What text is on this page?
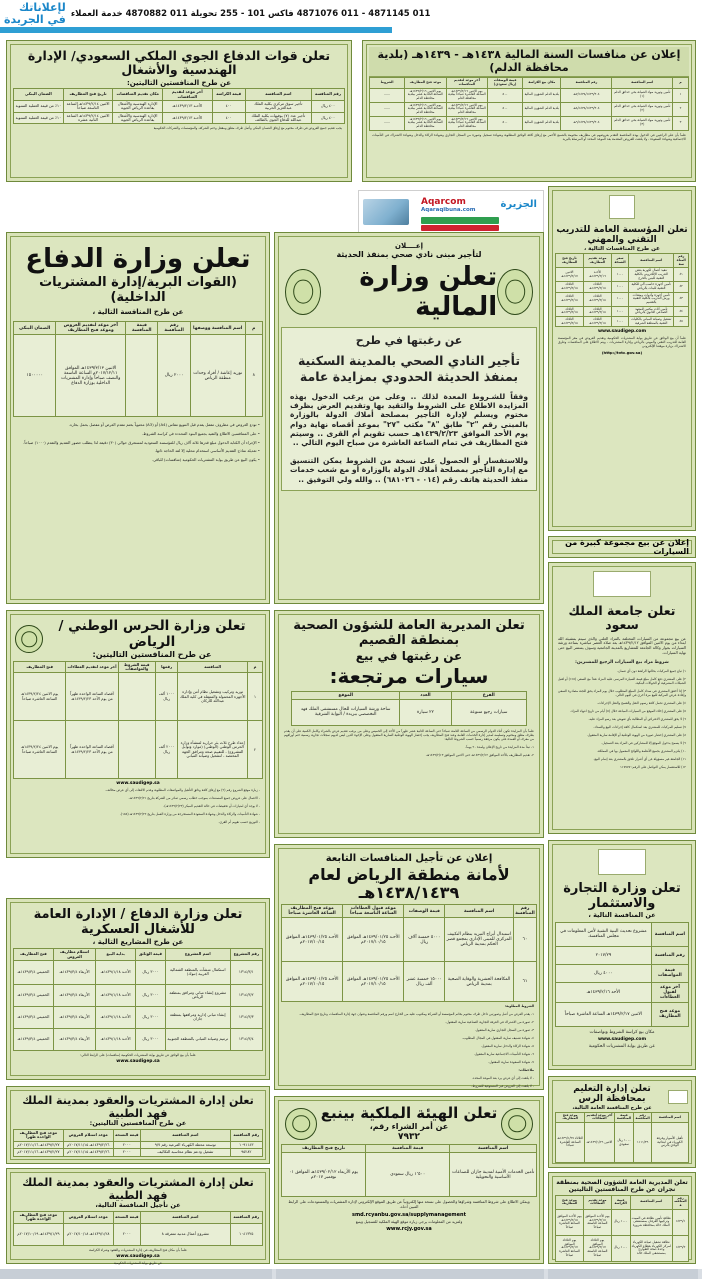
لإعلاناتك
في الجريدة 011 4871145 - 011 4871076 فاكس 101 - 255 تحويلة 011 4870882 خدمة العملاء
تعلن قوات الدفاع الجوي الملكي السعودي/ الإدارة الهندسية والأشغال
عن طرح المنافستين التاليتين:
رقم المنافسة	اسم المنافسة	قيمة الكراسة	آخر موعد لتقديم المناقصات	مكان تقديم المناقصات	تاريخ فتح المظاريف	الضمان البنكي
٤٠٠ ريال	تأجير سوق مركزي بكلية الملك عبدالعزيز الحربية	٤٠٠	الأحـد ١٤٣٩/٢/١٣هـ	الإدارة الهندسية والأشغال بقاعدة الرياض الجوية	الاثنين ١٤٣٩/٢/١٤هـ الساعة التاسعة صباحاً	١٠٪ من قيمة العملية السنوية
٤٠٠ ريال	تأجير عدد (٧) بوفيهات بكلية الملك عبدالله للدفاع الجوي بالطائف	٤٠٠	الأحـد ١٤٣٩/٢/١٣هـ	الإدارة الهندسية والأشغال بقاعدة الرياض الجوية	الاثنين ١٤٣٩/٢/١٤هـ الساعة الثانية عشرة	١٠٪ من قيمة العملية السنوية
يجب تقديم جميع العروض في ظرف مختوم مع إرفاق الضمان البنكي وأصل ظرف مغلق ومقفل وختم الشركة، والمؤسسات والشركات الحكومية
إعلان عن منافسات السنة المالية ١٤٣٨هـ - ١٤٣٩هـ (بلدية محافظة الدلم)
م	اسم المنافسة	رقم المنافسة	مكان بيع الكراسة	قيمة الوصفات (ريال سعودي)	آخر موعد لتقديم المناقصات	موعد فتح المظاريف	الشروط
١	تأمين وتوريد مواد الصيانة بحي حدائق الدلم (١)	٧/١٤٣٨/١٤٣٩/٣٠٤هـ	بلدية الدلم الشؤون المالية	٥٠٠	يوم الاثنين ١٤٣٩/٢/١٦هـ الساعة العاشرة صباحاً ببلدية محافظة الدلم	يوم الاثنين ١٤٣٩/٢/١٦هـ الساعة الحادية عشر ببلدية محافظة الدلم	......
٢	تأمين وتوريد مواد الصيانة بحي حدائق الدلم (٢)	٨/١٤٣٨/١٤٣٩/٣٠٤هـ	بلدية الدلم الشؤون المالية	٥٠٠	يوم الاثنين ١٤٣٩/٢/١٦هـ الساعة العاشرة صباحاً ببلدية محافظة الدلم	يوم الاثنين ١٤٣٩/٢/١٦هـ الساعة الحادية عشر ببلدية محافظة الدلم	......
٣	تأمين وتوريد مواد الصيانة بحي حدائق الدلم (٣)	٩/١٤٣٨/١٤٣٩/٣٠٤هـ	بلدية الدلم الشؤون المالية	٥٠٠	يوم الاثنين ١٤٣٩/٢/١٦هـ الساعة العاشرة صباحاً ببلدية محافظة الدلم	يوم الاثنين ١٤٣٩/٢/١٦هـ الساعة الحادية عشر ببلدية محافظة الدلم	......
علماً بأن على الراغبين في الدخول بهذه المنافسة التقدم بعروضهم في مظاريف مختومة بالشمع الأحمر مع إرفاق كافة الوثائق المطلوبة وشهادة تسجيل وصورة من السجل التجاري وشهادة الزكاة والدخل وشهادة الاشتراك في التأمينات الاجتماعية وشهادة السعودة ، ولا يلتفت للعروض المقدمة بعد الموعد المحدد أو المرسلة بالبريد
Aqarcom
Aqaraqibuna.com	الجزيرة
تعلن المؤسسة العامة للتدريب التقني والمهني
عن طرح المنافسات التالية ،
رقم المنافسة	اسم المنافسة	سعر النسخة	موعد تقديم المظاريف	تاريخ فتح المظاريف
٤١	تنفيذ أعمال لكهربة بعض التدريب الإلكتروني بالكلية التقنية للبنين بالخرج	١٠٠٠	الأحـد ١٤٣٩/٢/١٦هـ	الاثنين ١٤٣٩/٢/١٧هـ
٤٢	تأمين أجهزة حاسب آلي للكلية التقنية للبنات بالرياض	١٠٠٠	الثلاثاء ١٤٣٩/٢/١٨هـ	الثلاثاء ١٤٣٩/٢/١٨هـ
٤٣	تأمين أجهزة وأدوات ومعدات ورش التدريب بالكلية التقنية بالقصيم	١٠٠٠	الثلاثاء ١٤٣٩/٢/١٨هـ	الثلاثاء ١٤٣٩/٢/١٨هـ
٤٤	تأمين أثاث مكتبي للمعهد الصناعي الثانوي بالرياض	١٠٠٠	الثلاثاء ١٤٣٩/٢/١٨هـ	الثلاثاء ١٤٣٩/٢/١٨هـ
٤٥	تشغيل وصيانة المباني بالكليات التقنية بالمنطقة الشرقية	١٠٠٠	الثلاثاء ١٤٣٩/٢/١٨هـ	الثلاثاء ١٤٣٩/٢/١٨هـ
www.saudigep.com
علماً أن بيع الوثائق عن طريق بوابة المشتريات الحكومية وتقديم العروض في مقر المؤسسة العامة للتدريب التقني والمهني بالرياض وإدارة المشتريات ، ويتم الاطلاع على المنافسات وطرق الاشتراك بزيارة موقعنا الإلكتروني
(http://tvtc.gov.sa)
تعلن وزارة الدفاع
(القوات البرية/إدارة المشتريات الداخلية)
عن طرح المنافسة التالية ،
م	اسم المنافسة ووصفها	رقم المنافسة	قيمة المنافسة	آخر موعد لتقديم العروض وموعد فتح المظاريف	الضمان البنكي
٨	توريد إعاشة / أفراد وحدات منطقة الرياض	٢٠٠٠ ريال		الاثنين ١٤٣٩/٣/١٣هـ الموافق ٢٠١٧/١٢/١١م الساعة التاسعة والنصف صباحاً وإدارة المشتريات الداخلية بوزارة الدفاع	١٥٠٠٠٠٠
• تودع العروض في مظروف مقفل يقدم قبل التنويع مقاس (A4) أو (A3) محتوياً بختم مقدم العرض أو مفصل بحمل بخاره.
• على المتنافسين الاطلاع والتقيد بجميع البنود المحددة في كراسة الشروط.
• الإجراء أن الكتابة الدخول مبلغ قدرها ثلاثة آلاف ريال للمؤسسة السعودية لمستغرق حوالي (٣٠) دقيقة لذا يتطلب حضور التقديم والتقدم (١٠٠٠) صباحاً.
• تعديلة نماذج التقديم الأساسي استخدام محلية إلا لقد الحاجة ذاتها.
• يكون البيع عن طريق بوابة المشتريات الحكومية (منافسات) للباقي.
إعــــلان
لتأجير مبنى نادي صحي بمنفذ الحديثة
تعلن وزارة المالية
عن رغبتها في طرح
تأجير النادي الصحي بالمدينة السكنية بمنفذ الحديثة الحدودي بمزايدة عامة
وفقاً للشـروط المعدة لذلك .. وعلى من يرغب الدخول بهذه المزايدة الاطلاع على الشروط والتقيد بها وتقديم العرض بظرف مختوم ويسلم لإدارة التأجير بمصلحة أملاك الدولة بالوزارة بالمبنى رقم "٢" طابق "٨" مكتب "٢٧" بموعد أقصاه نهاية دوام يوم الأحد الموافق ١٤٣٩/٢/٢٣هـ حسب تقويم أم القرى .. وسيتم فتح المظاريف في تمام الساعة العاشرة من صباح اليوم التالي ..
وللاستفسار أو الحصول على نسخة من الشروط يمكن التنسيق مع إدارة التأجير بمصلحة أملاك الدولة بالوزارة أو مع شعب خدمات منفذ الحديثة هاتف رقم (٠١٤ - ٦٨١٠٢٦) .. والله ولي التوفيق ..
إعلان عن بيع مجموعة كبيرة من السيارات
تعلن جامعة الملك سعود
عن بيع مجموعة من السيارات المختلفة بالمزاد العلني والذي سيتم بمشيئة الله ابتداء من يوم الاثنين الموافق ١٤٣٩/٢/١٢هـ بعد صلاة العصر مباشرة بساحة ورشة السيارات بجوار وكالة الجامعة للمشاريع بالمدينة الجامعية وسوف يستمر البيع حتى نهاية السيارات.
شروط مزاد بيع السيارات الرجيع للمشترين:
١) تباع جميع المركبات بحالتها الراهنة دون أي ضمان.
٢) على المشتري دفع كامل مبلغ قيمة السيارة المرسى عليه المزاد نقداً مع السعي (١٥٪) أو لقبل الشبكات المصرفية أو الحوالات البنكية.
٣) إذا أخفق المشتري في سداد كامل المبلغ المطلوب خلال يوم المزاد يحق للجنة مصادرة السعي وإعادة عرض المركبة للبيع مرة أخرى في اليوم التالي.
٤) على المشتري تحمل كافة رسوم النقل والفسح والنقل الإجراءات.
٥) على المشتري إخلاء الموقع من السيارات المباعة خلال (٥) أيام من تاريخ انتهاء المزاد.
٦) لا يحق للمشتري الاعتراض أو المطالبة بأي تعويض بعد رسو المزاد عليه.
٧) تسليم المركبات للمشتري بعد استكمال كافة إجراءات البيع والسداد.
٨) على المشتري إحضار صورة من الهوية الوطنية أو الإقامة سارية المفعول.
٩) لا يسمح بدخول الموقع إلا للمشاركين في المزاد بعد التسجيل.
١٠) يلتزم المشتري بجميع الأنظمة واللوائح المعمول بها في المملكة.
١١) الجامعة غير مسؤولة عن أي أضرار تلحق بالمشتري بعد إتمام البيع.
١٢) للاستفسار يمكن التواصل على الرقم: ١١٧٧٧٧
تعلن وزارة الحرس الوطني / الرياض
عن طرح المنافستين التاليتين:
م	المنافسة	رقمها	قيمة الشروط والمواصفات	آخر موعد لتقديم العطاءات	فتح المظاريف
١	توريد وتركيب وتشغيل نظام أمن وإدارة الأجهزة المحمولة والمتنقلة في كلية الملك عبدالله للأركان	١٠٠٠ ألف ريال		أقصاه الساعة الواحدة ظهراً من يوم الأحد ١٤٣٩/٢/٢٣هـ	يوم الاثنين ١٤٣٩/٢/٢٤هـ الساعة العاشرة صباحاً
٢	إعداد طرح ثلاث بئر حرارية لمنشأة وزارة الحرس الوطني (الوطني) (موارد وتوابل المشروع) - للتقييم صحة ومرافق الجهة المختصة - لتشغيل وصيانة المباني	٢٠٠٠ ألف ريال		أقصاه الساعة الواحدة ظهراً من يوم الأحد ١٤٣٩/٢/٢٣هـ	يوم الاثنين ١٤٣٩/٢/٢٤هـ الساعة العاشرة صباحاً
www.saudigep.sa
- زيارة موقع الشروع رقم (٢) مع إرفاق كافة وثائق التأهيل والمواصفات المطلوبة وعدم الالتفات إلى أي عرض مخالف.
- الاعمال على عروض جميع المستندات بموجب خطاب رسمي صادر من الشركة بتاريخ ١٤٣٩/٢/٢١هـ.
- لا يوجد أي امتيازات أو تخفيضات في حالة التقديم المبكر (١٤٣٩/٢/٢٣هـ).
- شهادة التأمينات والزكاة والدخل وشهادة السعودة المستخرجة من وزارة العمل بتاريخ ١٤٣٩/٢/٢٢هـ (١٥٥).
- التوزيع حسب تقويم أم القرى.
تعلن المديرية العامة للشؤون الصحية بمنطقة القصيم
عن رغبتها في بيع
سيارات مرتجعة:
الفرع	العدد	الموقع
سيارات رجيع متنوعة	٢٢ سيارة	ساحة ورشة السيارات للحال مستشفى الملك فهد التخصصي ببريدة / البوابة الشرقية
علماً بأن المزايدة تكون أثناء الدوام الرسمي من الساعة الثامنة صباحاً حتى الساعة الثانية عشر ظهراً من الأحد إلى الخميس وعلى من يرغب تقديم عرض بالشراء وكامل الكمية على أن يقدم بظرف مغلق ومختوم وتسليمه لمدير إدارة الخدمات العامة وعند فتح المظاريف يجب إحضار الهوية الوطنية السارية المفعول وعلى الإخوة الذين ليس لديهم سجلات تجارية رسمية ختم أوراقهم من معرف أو العمدة على يكون مرفقة رسمياً حسب الشروط التالية:
١- تبدأ مدة المزايدة من تاريخ الإعلان ولمدة ٢٠ يوماً.
٢- تقديم المظاريف بالأحد الموافق ١٤٣٩/٢/١٢هـ حتى الاثنين الموافق ١٤٣٩/٢/١٣هـ.
تعلن وزارة التجارة والاستثمار
عن المنافسة التالية ،
اسم المنافسة	مشروع تحديث البنية التقنية لأمن المعلومات في مجلس المنافسة.
رقم المنافسة	٢٠١٧/٢٩
قيمة المواصفات	٤٠٠٠ ريال
آخر موعد لقبول العطاءات	الأحد ١٤٣٩/٢/١٦هـ
موعد فتح المظاريف	الاثنين ١٤٣٩/٢/١٧هـ الساعة العاشرة صباحاً
مكان بيع كراسة الشروط وتواصفات
www.saudigep.com
عن طريق بوابة المشتريات الحكومية
إعلان عن تأجيل المنافسات التابعة
لأمانة منطقة الرياض لعام ١٤٣٨/١٤٣٩هـ
رقم المنافسة	اسم المنافسة	قيمة الوصفات	موعد قبول العطاءات الساعة التاسعة صباحاً	موعد فتح المظاريف الساعة العاشرة صباحاً
٦٠	استبدال أبراج التبريد بنظام التكييف المركزي للمبنى الإداري بمجمع قصر الحكم بمدينة الرياض	٥٠٠٠ خمسة آلاف ريال	الأحـد ١٤٣٩/٠١/٢٥هـ الموافق ٢٠١٧/١٠/١٥م	الأحـد ١٤٣٩/٠١/٢٥هـ الموافق ٢٠١٧/١٠/١٥م
٦١	المكافحة الحشرية والوقاية الصحية بمدينة الرياض	١٥٠٠٠ خمسة عشر ألف ريال	الأحـد ١٤٣٩/٠١/٢٥هـ الموافق ٢٠١٧/١٠/١٥م	الأحـد ١٤٣٩/٠١/٢٥هـ الموافق ٢٠١٧/١٠/١٥م
الشروط المطلوبة:
١- يقدم العرض من أصل وصورتين داخل ظرف مختوم بخاتم المؤسسة أو الشركة ومكتوب عليه من الخارج اسم ورقم المنافسة وعنوان جهة إدارة المنافسات وتاريخ فتح المظاريف.
٢- صورة من الاشتراك في الغرفة التجارية الصناعية سارية المفعول.
٣- صورة من السجل التجاري سارية المفعول.
٤- شهادة تصنيف سارية المفعول في المجال المطلوب.
٥- شهادة الزكاة والدخل سارية المفعول.
٦- شهادة التأمينات الاجتماعية سارية المفعول.
٧- شهادة السعودة سارية المفعول.
ملاحظات:
- لا يلتفت إلى أي عرض يرد بعد الموعد المحدد.
- لا يلتفت إلى العروض غير المستوفية للشروط.
تعلن وزارة الدفاع / الإدارة العامة للأشغال العسكرية
عن طرح المشاريع التالية ،
رقم المشروع	اسم المشروع	قيمة الوثائق	بداية البيع	استلام مظاريف العروض	فتح المظاريف
١٣١٤/٣/١	استكمال منشآت بالمنطقة الشمالية الغربية (تبوك)	٣٠٠٠ ريال	الأحـد ١٤٣٩/١/١٨هـ	الأربعاء ١٤٣٩/٣/٤هـ	الخميس ١٤٣٩/٣/٤هـ
١٣١٤/٣/٢	مشروع إنشاء مباني ومرافق بمنطقة الرياض	٣٠٠٠ ريال	الأحـد ١٤٣٩/١/١٨هـ	الأربعاء ١٤٣٩/٣/٤هـ	الخميس ١٤٣٩/٣/٤هـ
١٣١٤/٣/٣	إنشاء مباني إدارية ومرافقها بمنطقة جازان	٣٠٠٠ ريال	الأحـد ١٤٣٩/١/١٨هـ	الأربعاء ١٤٣٩/٣/٤هـ	الخميس ١٤٣٩/٣/٤هـ
١٣١٤/٣/٤	ترميم وصيانة المباني بالمنطقة الجنوبية	٣٠٠٠ ريال	الأحـد ١٤٣٩/١/١٨هـ	الأربعاء ١٤٣٩/٣/٤هـ	الخميس ١٤٣٩/٣/٤هـ
علماً بأن بيع الوثائق عن طريق بوابة المشتريات الحكومية (منافسات) على الرابط التالي:
www.saudigep.sa
تعلن إدارة المشتريات والعقود بمدينة الملك فهد الطبية
عن طرح المنافستين التاليتين:
رقم المنافسة	اسم المنافسة	قيمة النسخة	موعد استلام العروض	موعد فتح المظاريف الواحدة ظهراً
١٠٩١١٤٣	توسعة محطة الكهرباء الفرعية رقم ٩/٧	٢٠٠٠	١٤٣٩/٢/٢٦هـ ٢٠١٧/١١/١٥م	١٤٣٩/٢/٢٧هـ ٢٠١٧/١١/١٦م
٩٥٢٨٢	تشغيل ودعم نظام محاسبة التكاليف	٢٠٠٠	١٤٣٩/٢/٢٦هـ ٢٠١٧/١١/١٥م	١٤٣٩/٢/٢٧هـ ٢٠١٧/١١/١٦م
تعلن إدارة المشتريات والعقود بمدينة الملك فهد الطبية
عن تأجيل المنافسة التالية،
رقم المنافسة	اسم المنافسة	قيمة النسخة	موعد استلام العروض	موعد فتح المظاريف الواحدة ظهراً
١٠٤١٣٢٥	مشروع أعمال مدنية متفرقة ٨	٢٠٠٠	١٤٣٩/١/٢٨هـ ٢٠١٧/١٠/١٨م	١٤٣٩/١/٢٩هـ ٢٠١٧/١٠/١٩م
علماً بأن مكان فتح المظاريف في إدارة المشتريات والعقود وشراء الكراسة
www.saudigep.sa
عن طريق بوابة المشتريات الحكومية
تعلن الهيئة الملكية بينبع
عن أمر الشراء رقم،
٧٩٣٢
اسم المنافسة	قيمة المنافسة	تاريخ فتح المظاريف
تأمين الخدمات الأمنية لمدينة جازان للصناعات الأساسية والتحويلية	١٬٥٠٠ ريال سعودي	يوم الأربعاء ١٤٣٩/٠٢/١٢هـ الموافق ٠١ نوفمبر ٢٠١٧م
ويمكن الاطلاع على شروط المنافسة وشراؤها والحصول على نسخة منها إلكترونياً عن طريق الموقع الإلكتروني لإدارة المشتريات والمستودعات على الرابط المبين أدناه،
smd.rcyanbu.gov.sa/supplymanagement
ولمزيد من المعلومات يرجى زيارة موقع الهيئة الملكية للتسجيل وينبع
www.rcjy.gov.sa
تعلن إدارة التعليم بمحافظة الرس
عن طرح المنافسة العامة التالية،
اسم المنافسة	رقم المنافسة	قيمة المنافسة	آخر موعد لتقديم العطاءات	موعد فتح المظاريف
تأهيل الأسوار وغرفة الكهرباء في ابتدائية الوادي بالرس	١١١١/٣٩	١٠٠٠ ريال سعودي	الاثنين ١٤٣٩/١/٢٦هـ	الثلاثاء ١٤٣٩/١/٢٧هـ الساعة العاشرة صباحاً
تعلن المديرية العامة للشؤون الصحية بمنطقة نجران عن طرح المنافستين التاليتين
رقم المنافسة	اسم المنافسة	قيمة الكراسة	موعد تقديم العطاءات	موعد فتح المظاريف
١٤٣٩/١	نظافة تأمين نظافة في المبيت وتركيبها الغرفان بمستشفى الملك خالد بمحافظة شرورة	١٠٠٠ ريال	يوم الأحـد الموافق ١٤٣٩/٢/١٥هـ الساعة التاسعة صباحاً	يوم الأحـد الموافق ١٤٣٩/٢/١٥هـ الساعة العاشرة صباحاً
١٤٣٩/٢	نظافة تشغيل صيانة الكهرباء لمركز الكهرباء بقطاع الكهرباء وحدة صحة الطوارئ بمستشفى الملك خالد	١٠٠٠ ريال	يوم الثلاثاء الموافق ١٤٣٩/٢/١٧هـ الساعة التاسعة صباحاً	يوم الثلاثاء الموافق ١٤٣٩/٢/١٧هـ الساعة العاشرة صباحاً
